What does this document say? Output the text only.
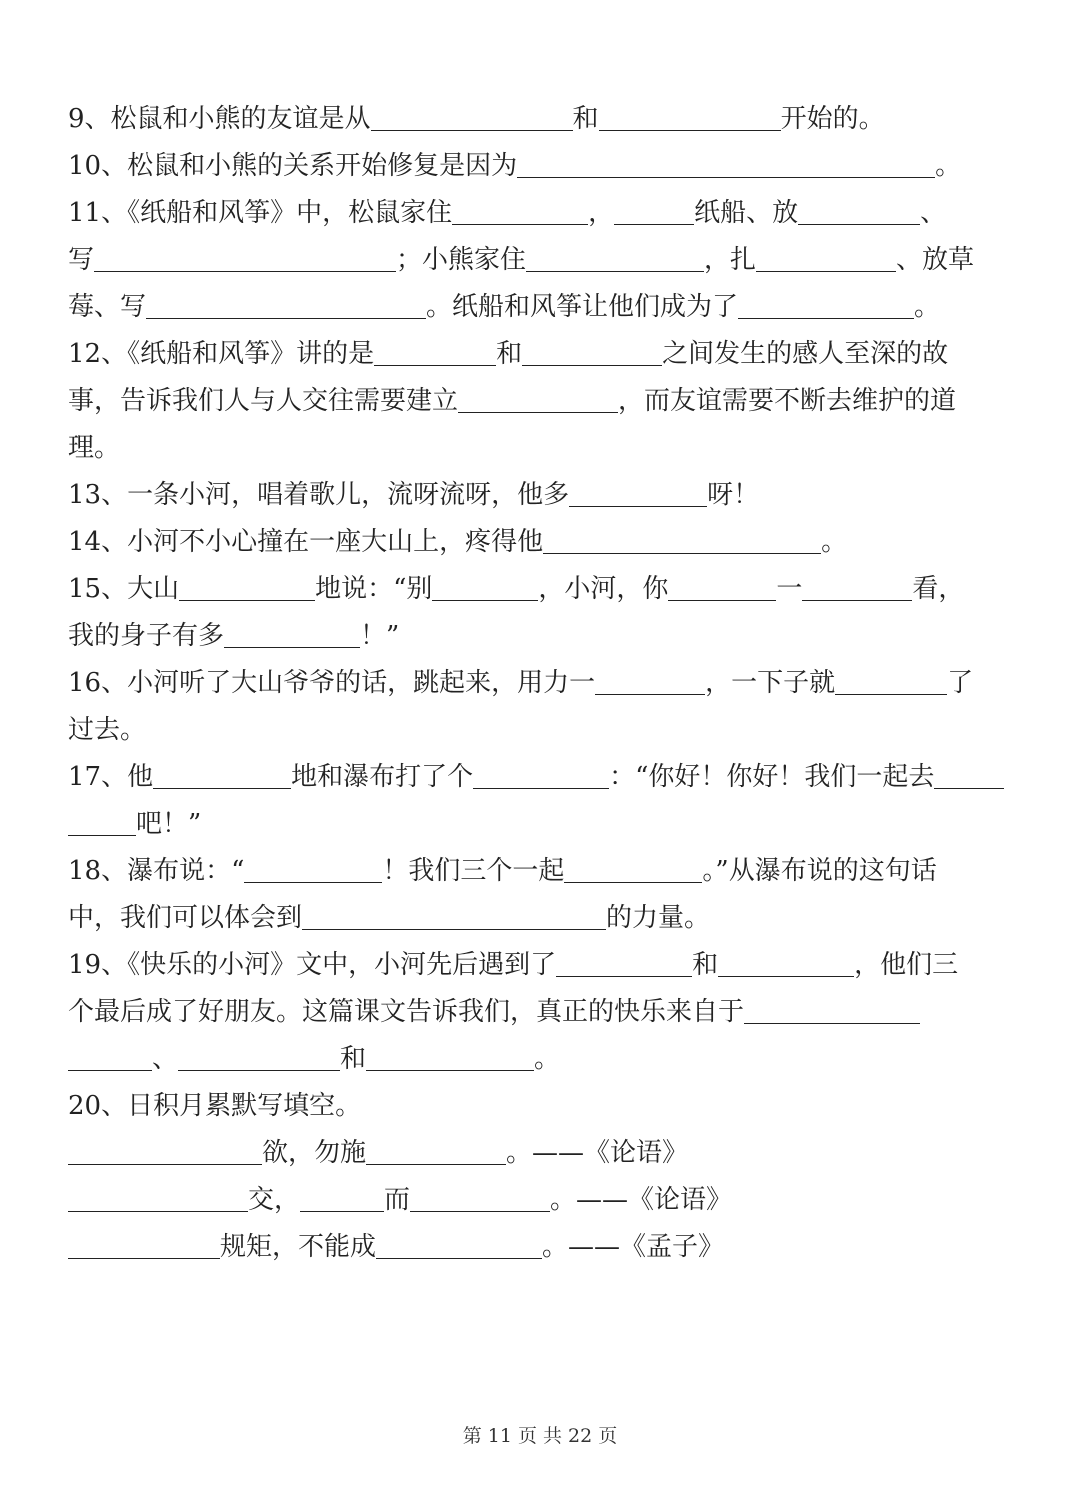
9、松鼠和小熊的友谊是从	和	开始的。
10、松鼠和小熊的关系开始修复是因为	。
11、《纸船和风筝》中，松鼠家住	，	纸船、放	、
写	；小熊家住	，扎	、放草
莓、写	。纸船和风筝让他们成为了	。
12、《纸船和风筝》讲的是	和	之间发生的感人至深的故
事，告诉我们人与人交往需要建立	，而友谊需要不断去维护的道
理。
13、一条小河，唱着歌儿，流呀流呀，他多	呀！
14、小河不小心撞在一座大山上，疼得他	。
15、大山	地说：“别	，小河，你	一	看，
我的身子有多	！”
16、小河听了大山爷爷的话，跳起来，用力一	，一下子就	了
过去。
17、他	地和瀑布打了个	：“你好！你好！我们一起去
吧！”
18、瀑布说：“	！我们三个一起	。”从瀑布说的这句话
中，我们可以体会到	的力量。
19、《快乐的小河》文中，小河先后遇到了	和	，他们三
个最后成了好朋友。这篇课文告诉我们，真正的快乐来自于
、	和	。
20、日积月累默写填空。
欲，勿施	。——《论语》
交，	而	。——《论语》
规矩，不能成	。——《孟子》
第 11 页 共 22 页
